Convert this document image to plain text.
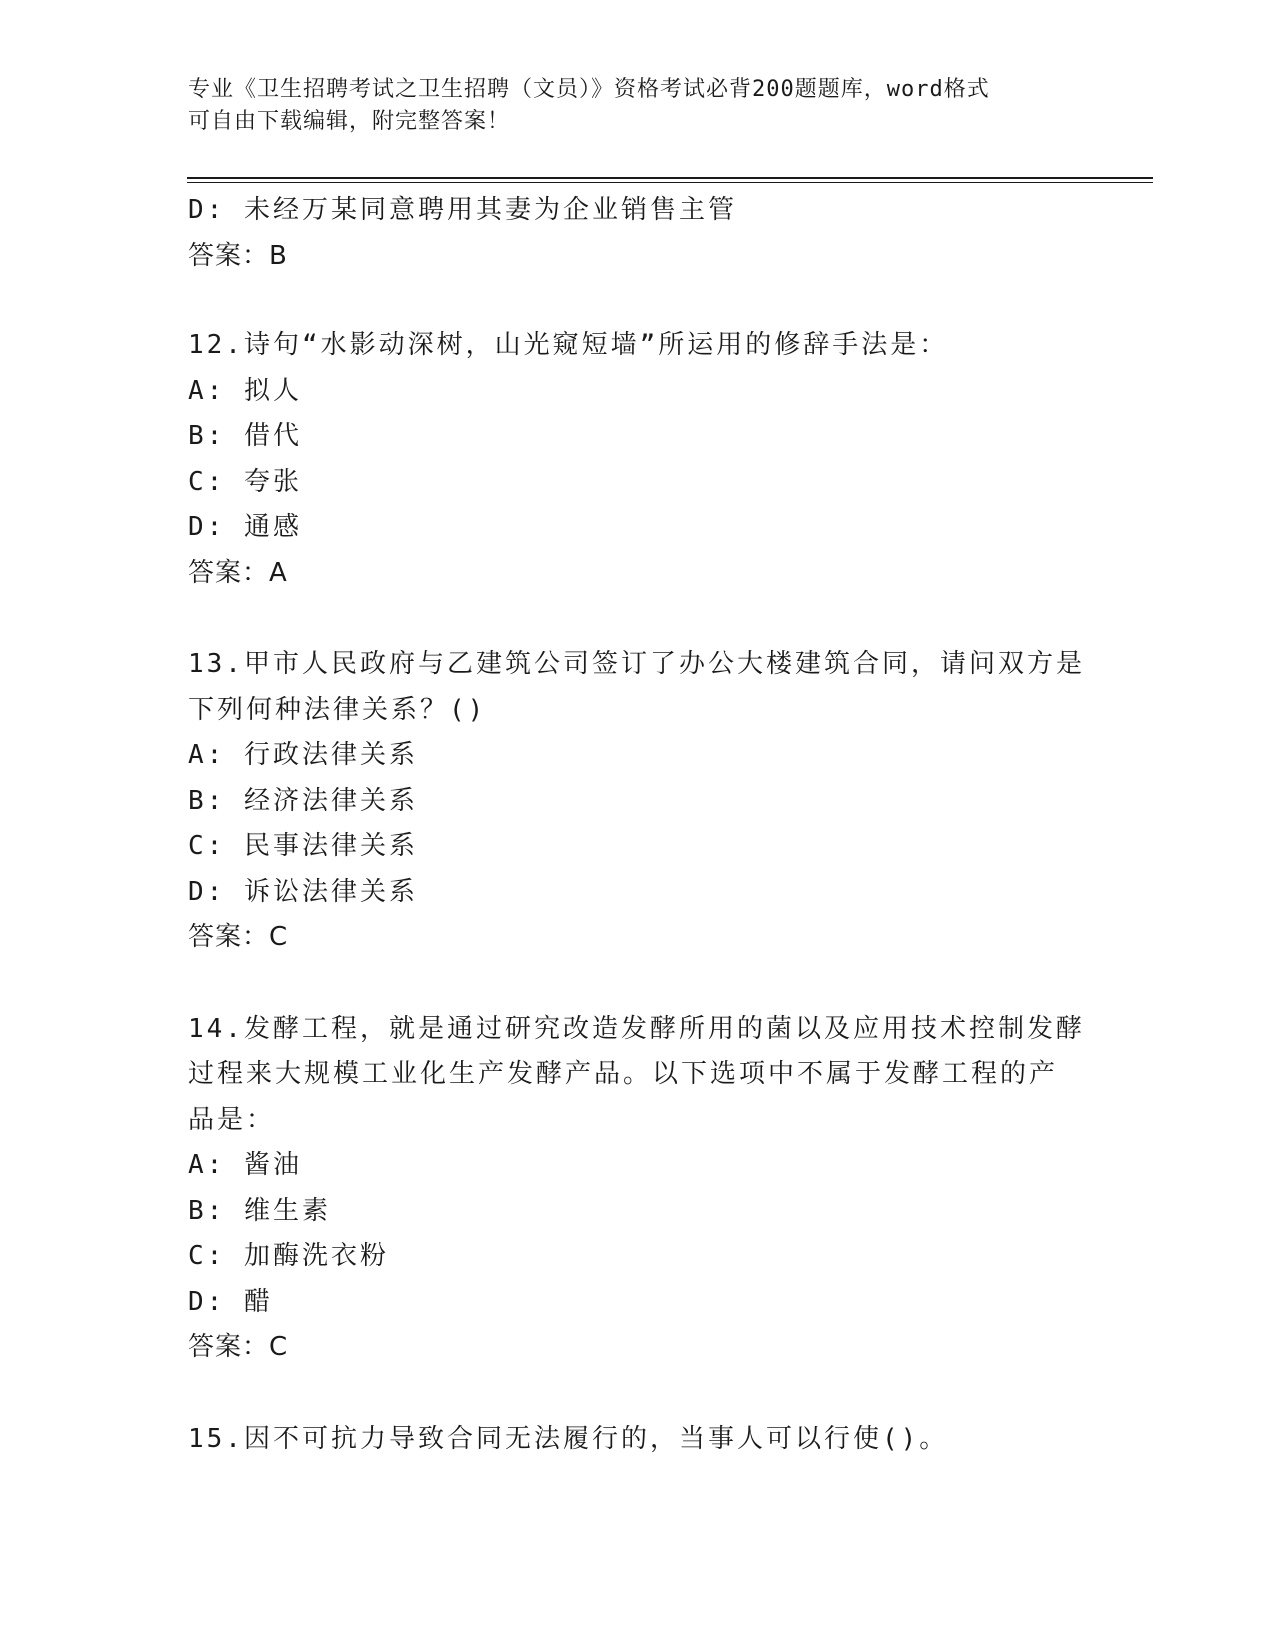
专业《卫生招聘考试之卫生招聘（文员）》资格考试必背200题题库，word格式
可自由下载编辑，附完整答案！
D: 未经万某同意聘用其妻为企业销售主管
答案：B
12.诗句“水影动深树，山光窥短墙”所运用的修辞手法是：
A: 拟人
B: 借代
C: 夸张
D: 通感
答案：A
13.甲市人民政府与乙建筑公司签订了办公大楼建筑合同，请问双方是
下列何种法律关系？()
A: 行政法律关系
B: 经济法律关系
C: 民事法律关系
D: 诉讼法律关系
答案：C
14.发酵工程，就是通过研究改造发酵所用的菌以及应用技术控制发酵
过程来大规模工业化生产发酵产品。以下选项中不属于发酵工程的产
品是：
A: 酱油
B: 维生素
C: 加酶洗衣粉
D: 醋
答案：C
15.因不可抗力导致合同无法履行的，当事人可以行使()。
